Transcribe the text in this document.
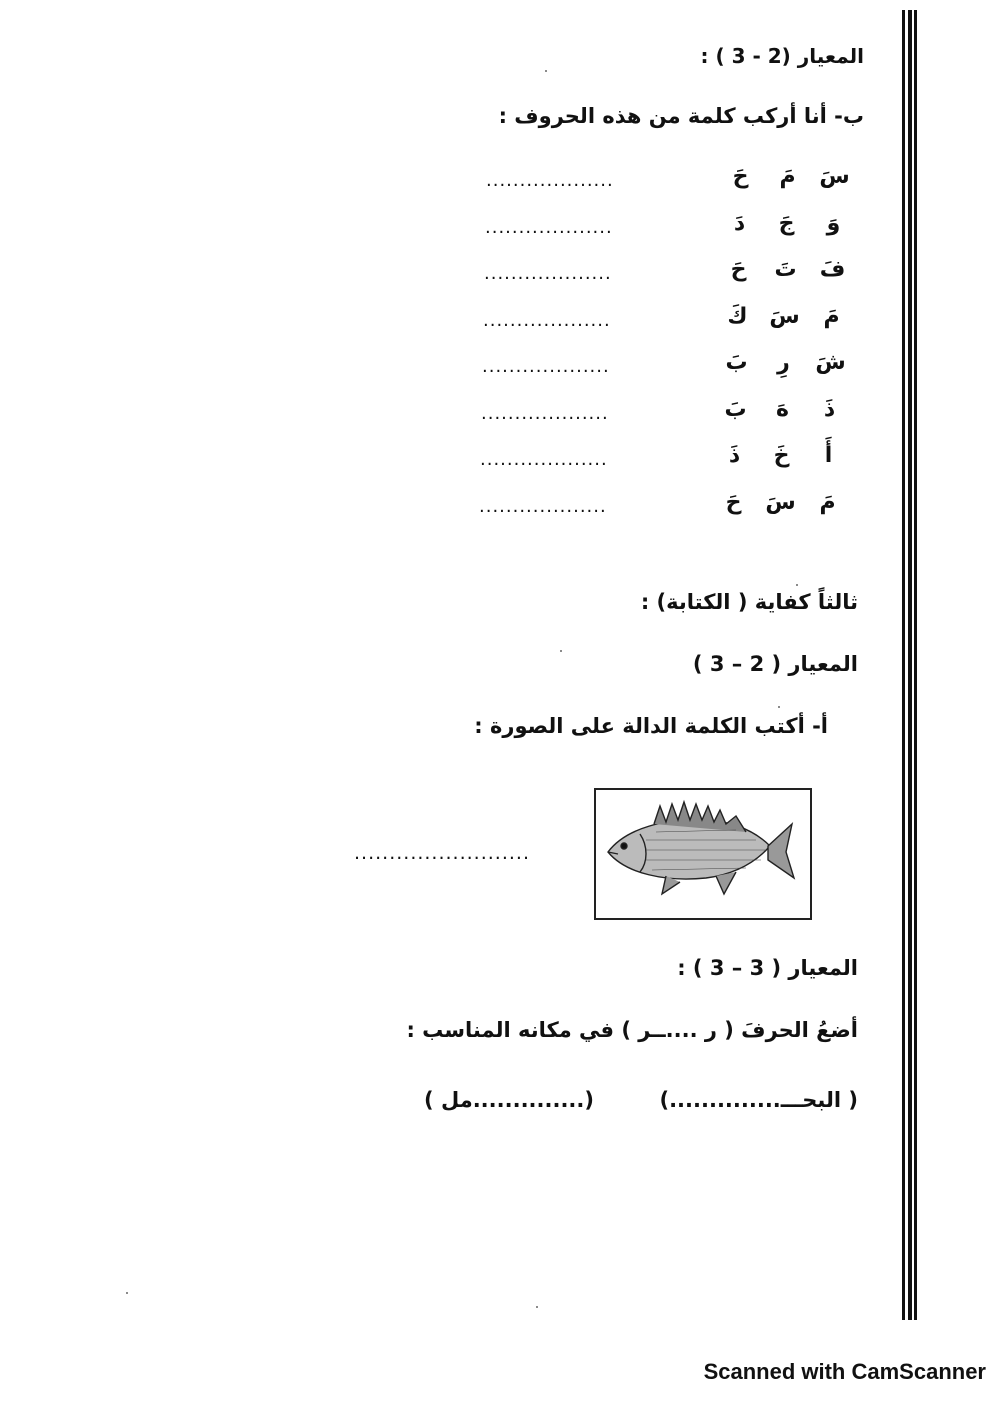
المعيار (2 - 3 ) :
ب- أنا أركب كلمة من هذه الحروف :
سَمَحَ
...................
وَجَدَ
...................
فَتَحَ
...................
مَسَكَ
...................
شَرِبَ
...................
ذَهَبَ
...................
أَخَذَ
...................
مَسَحَ
...................
ثالثاً كفاية ( الكتابة) :
المعيار ( 2 – 3 )
أ- أكتب الكلمة الدالة على الصورة :
.........................
المعيار ( 3 – 3 ) :
أضعُ الحرفَ ( ر ....ــر ) في مكانه المناسب :
( البحـــ..............)
(..............مل )
Scanned with CamScanner
